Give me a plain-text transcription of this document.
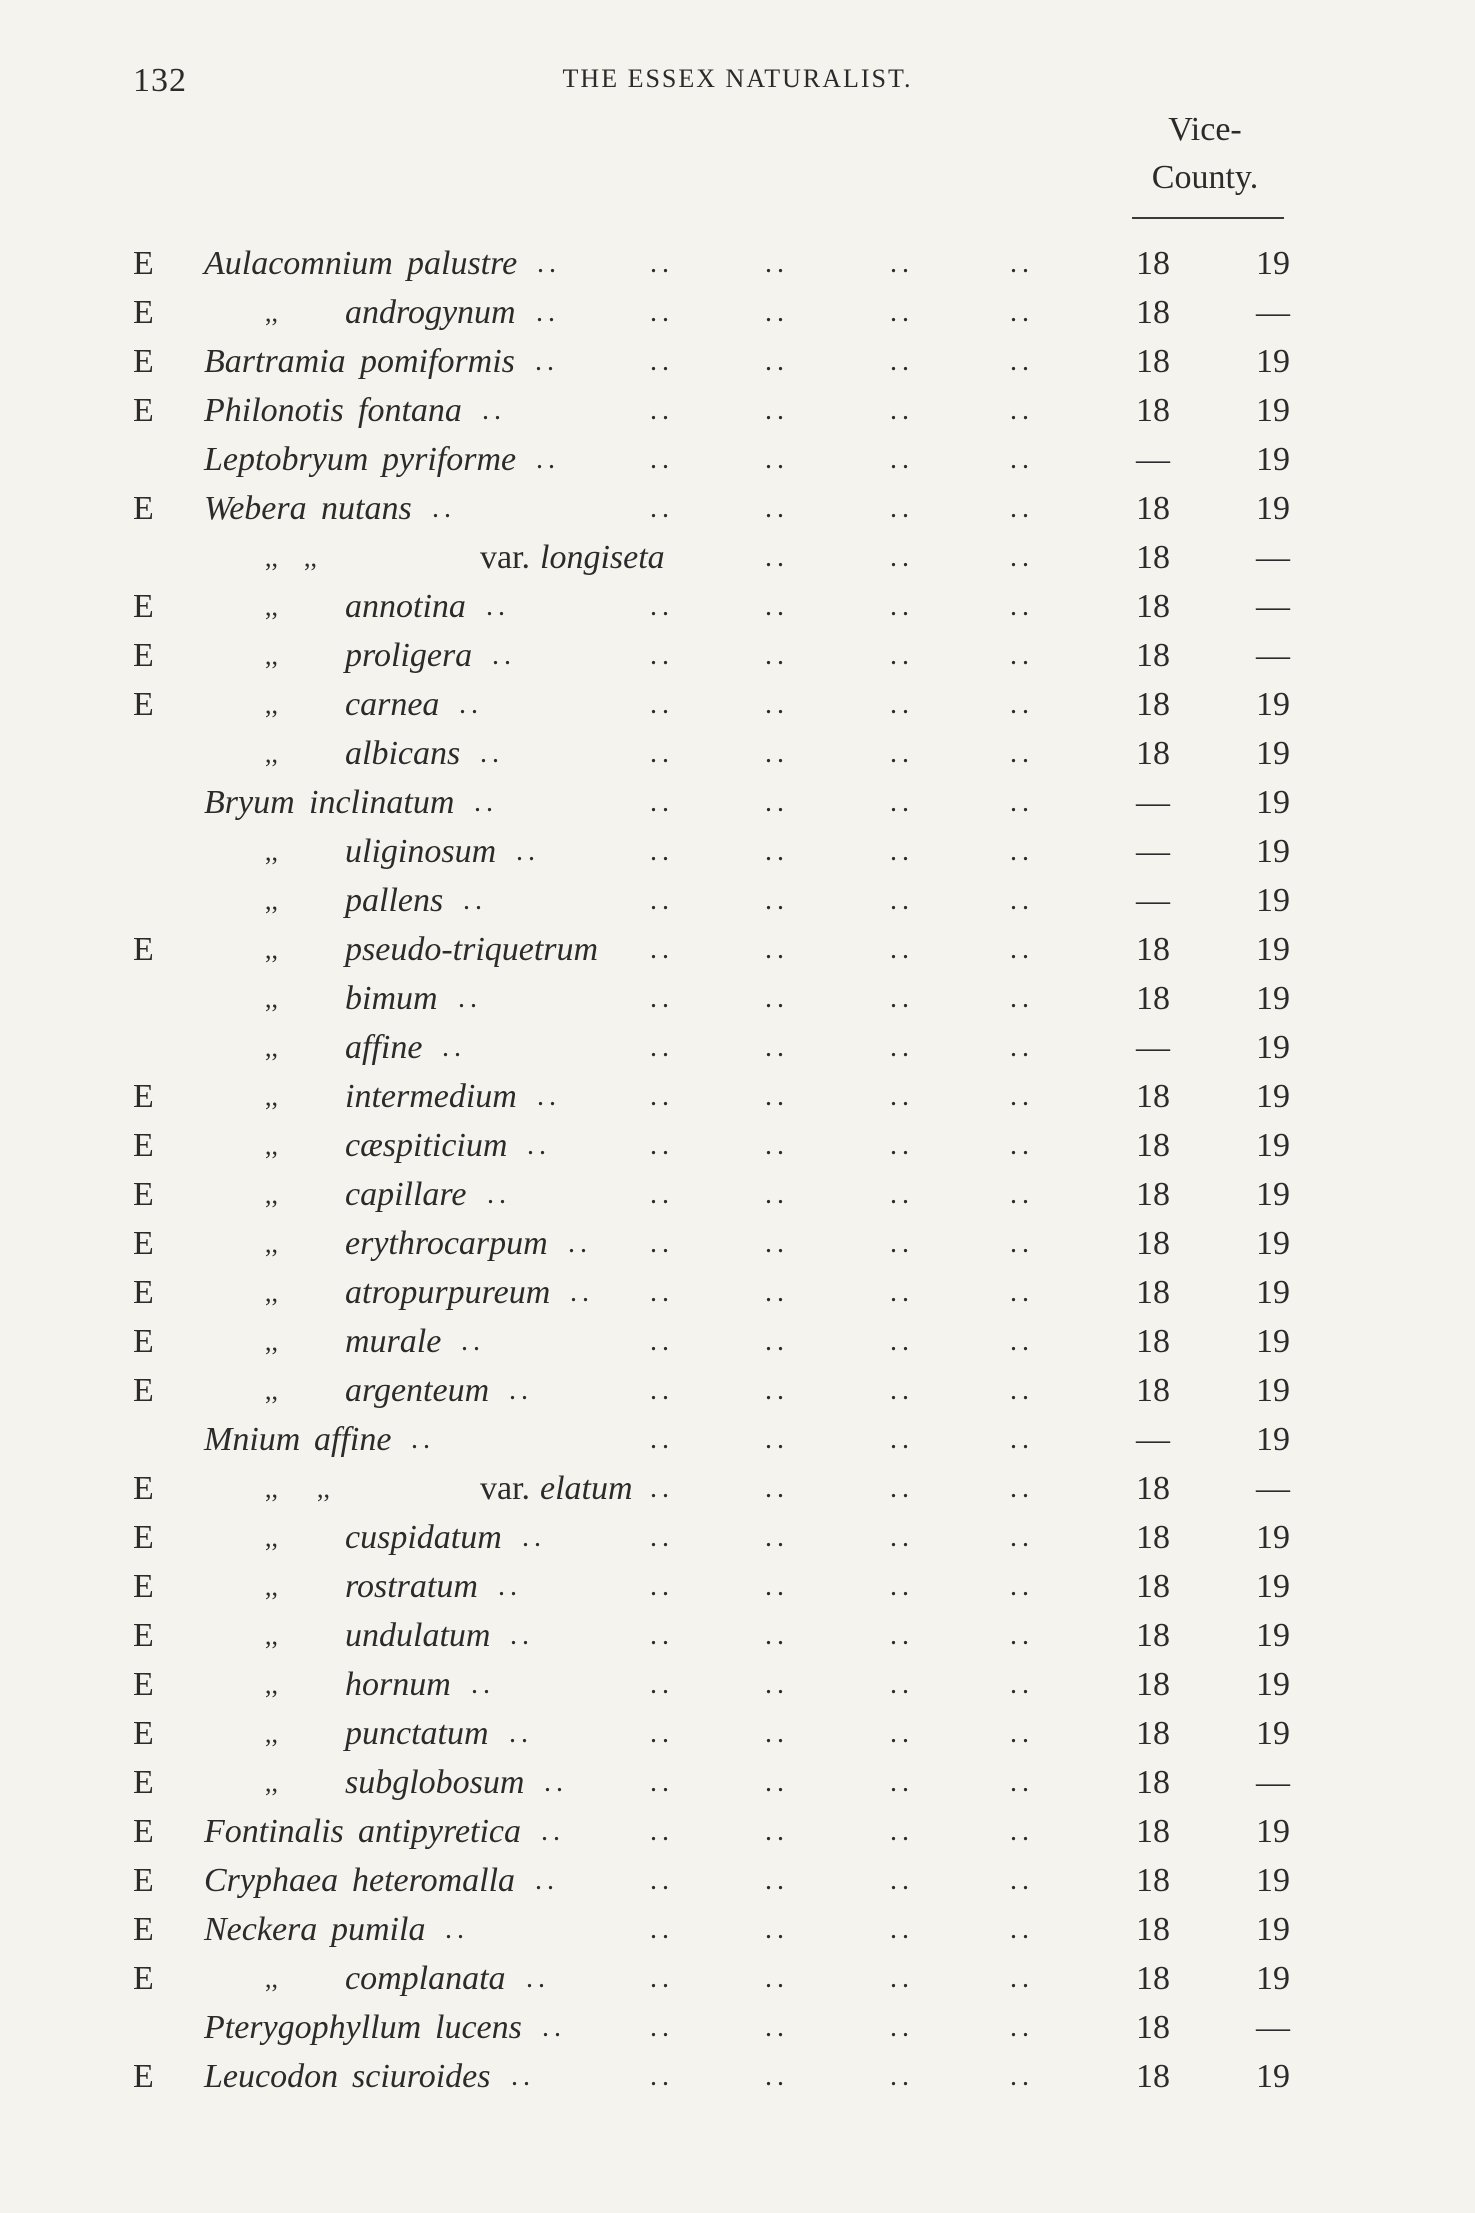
132	THE ESSEX NATURALIST.
Vice-
County.
E Aulacomnium palustre ..	..	..	..	..	18	19
E	,, androgynum ..	..	..	..	..	18	—
E Bartramia pomiformis ..	..	..	..	..	18	19
E Philonotis fontana ..	..	..	..	..	18	19
Leptobryum pyriforme ..	..	..	..	..	—	19
E Webera nutans ..	..	..	..	..	18	19
,,    ,,	var. longiseta	..	..	..	18	—
E	,, annotina ..	..	..	..	..	18	—
E	,, proligera ..	..	..	..	..	18	—
E	,, carnea ..	..	..	..	..	18	19
,, albicans ..	..	..	..	..	18	19
Bryum inclinatum ..	..	..	..	..	—	19
,, uliginosum ..	..	..	..	..	—	19
,, pallens ..	..	..	..	..	—	19
E	,, pseudo-triquetrum ..	..	..	..	18	19
,, bimum ..	..	..	..	..	18	19
,, affine ..	..	..	..	..	—	19
E	,, intermedium ..	..	..	..	..	18	19
E	,, cæspiticium ..	..	..	..	..	18	19
E	,, capillare ..	..	..	..	..	18	19
E	,, erythrocarpum .. ..	..	..	..	18	19
E	,, atropurpureum .. ..	..	..	..	18	19
E	,, murale ..	..	..	..	..	18	19
E	,, argenteum ..	..	..	..	..	18	19
Mnium affine ..	..	..	..	..	—	19
E	,,      ,,	var. elatum ..	..	..	..	18	—
E	,, cuspidatum ..	..	..	..	..	18	19
E	,, rostratum ..	..	..	..	..	18	19
E	,, undulatum ..	..	..	..	..	18	19
E	,, hornum ..	..	..	..	..	18	19
E	,, punctatum ..	..	..	..	..	18	19
E	,, subglobosum ..	..	..	..	..	18	—
E Fontinalis antipyretica ..	..	..	..	..	18	19
E Cryphaea heteromalla ..	..	..	..	..	18	19
E Neckera pumila ..	..	..	..	..	18	19
E	,, complanata ..	..	..	..	..	18	19
Pterygophyllum lucens ..	..	..	..	..	18	—
E Leucodon sciuroides ..	..	..	..	..	18	19
